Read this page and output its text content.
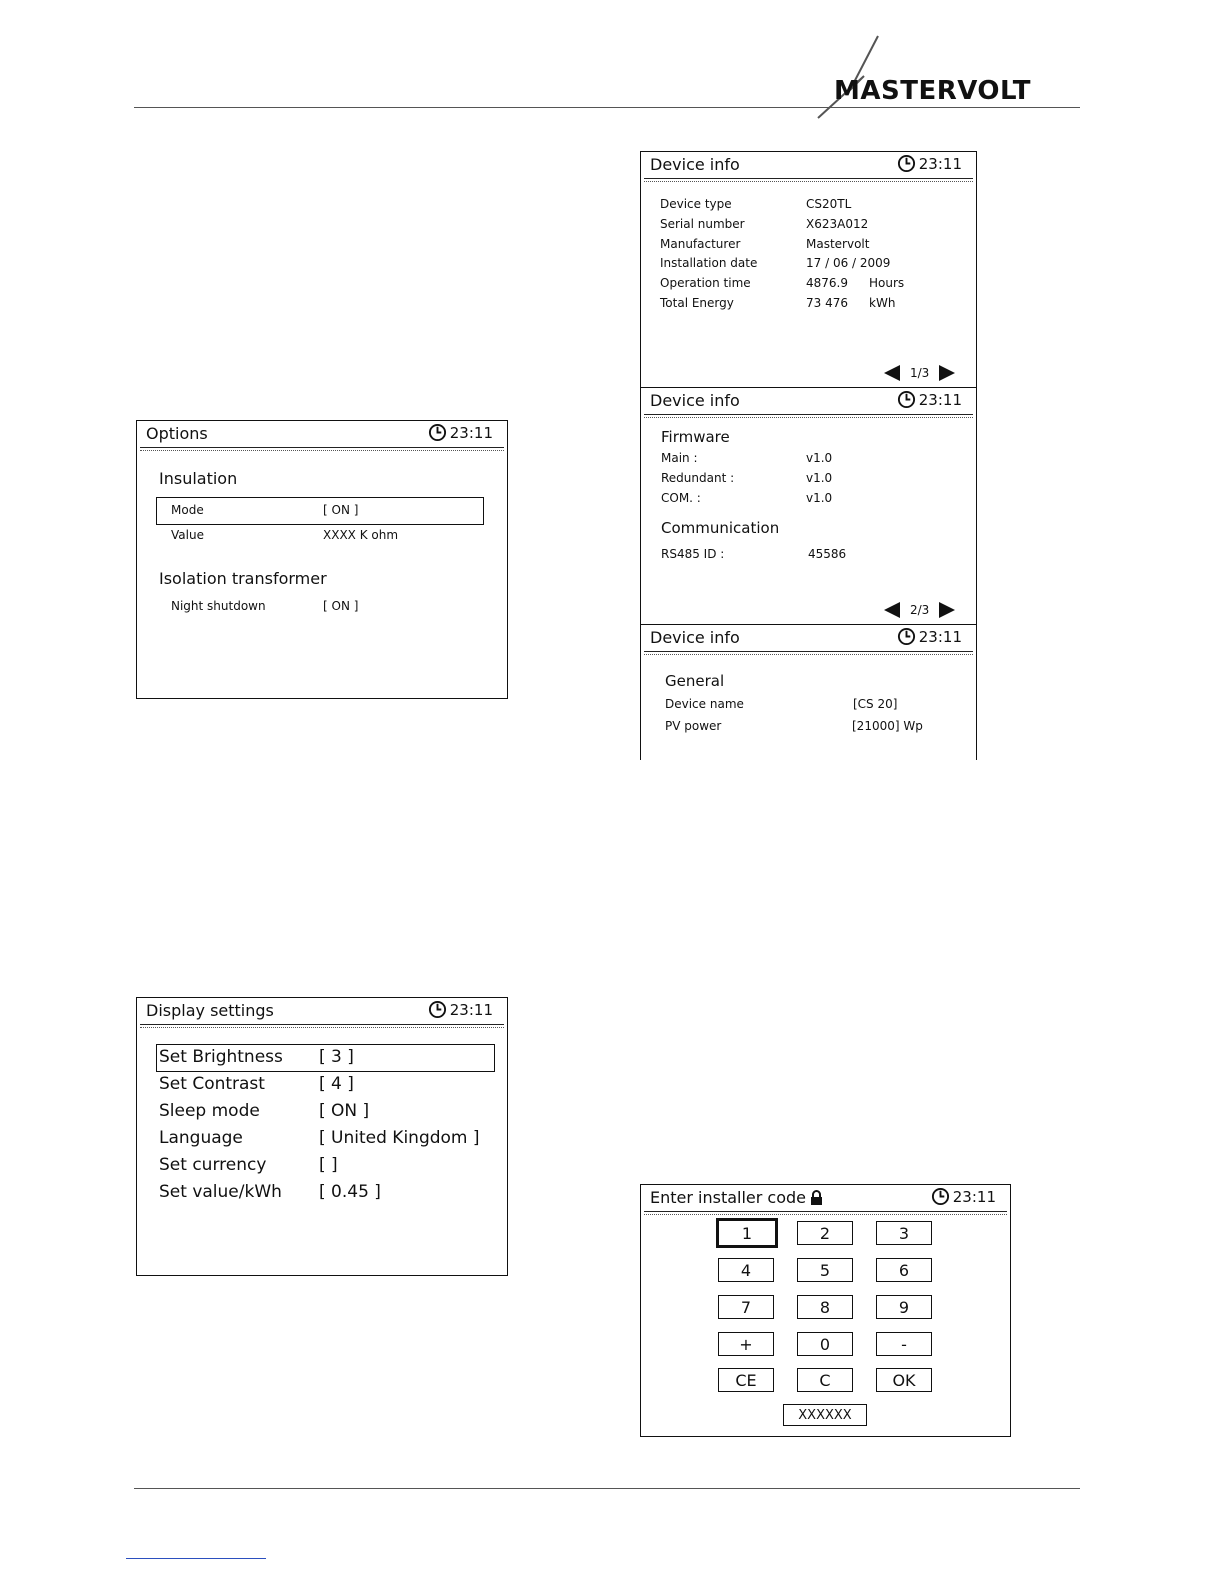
MASTERVOLT
Options	23:11
Insulation
Mode	[ ON ]
Value	XXXX K ohm
Isolation transformer
Night shutdown	[ ON ]
Display settings	23:11
Set Brightness [ 3 ]
Set Contrast	[ 4 ]
Sleep mode	[ ON ]
Language	[ United Kingdom ]
Set currency	[ ]
Set value/kWh [ 0.45 ]
Device info	23:11
Device type	CS20TL
Serial number	X623A012
Manufacturer	Mastervolt
Installation date	17 / 06 / 2009
Operation time	4876.9 Hours
Total Energy	73 476 kWh
1/3
Device info	23:11
Firmware
Main :	v1.0
Redundant :	v1.0
COM. :	v1.0
Communication
RS485 ID :	45586
2/3
Device info	23:11
General
Device name	[CS 20]
PV power	[21000] Wp
Enter installer code	23:11
1	2	3
4	5	6
7	8	9
+	0	-
CE	C	OK
XXXXXX
